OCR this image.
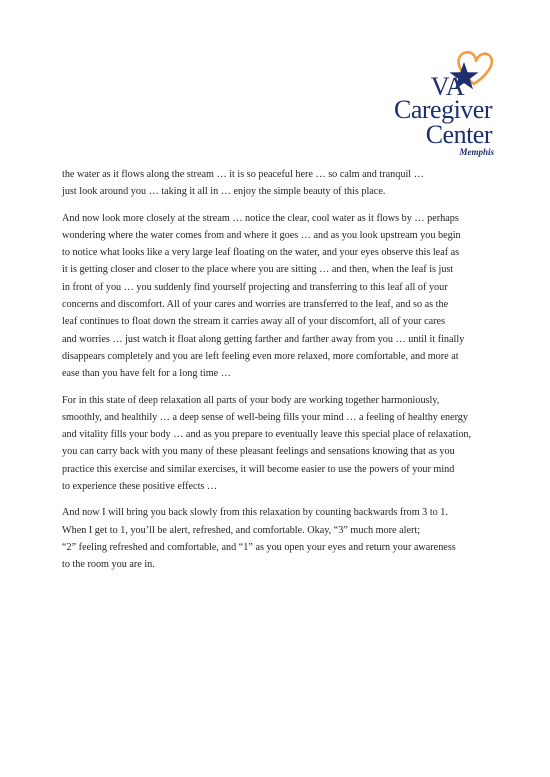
VA
Caregiver
Center
Memphis

the water as it flows along the stream … it is so peaceful here … so calm and tranquil …
just look around you … taking it all in … enjoy the simple beauty of this place.

And now look more closely at the stream … notice the clear, cool water as it flows by … perhaps
wondering where the water comes from and where it goes … and as you look upstream you begin
to notice what looks like a very large leaf floating on the water, and your eyes observe this leaf as
it is getting closer and closer to the place where you are sitting … and then, when the leaf is just
in front of you … you suddenly find yourself projecting and transferring to this leaf all of your
concerns and discomfort. All of your cares and worries are transferred to the leaf, and so as the
leaf continues to float down the stream it carries away all of your discomfort, all of your cares
and worries … just watch it float along getting farther and farther away from you … until it finally
disappears completely and you are left feeling even more relaxed, more comfortable, and more at
ease than you have felt for a long time …

For in this state of deep relaxation all parts of your body are working together harmoniously,
smoothly, and healthily … a deep sense of well-being fills your mind … a feeling of healthy energy
and vitality fills your body … and as you prepare to eventually leave this special place of relaxation,
you can carry back with you many of these pleasant feelings and sensations knowing that as you
practice this exercise and similar exercises, it will become easier to use the powers of your mind
to experience these positive effects …

And now I will bring you back slowly from this relaxation by counting backwards from 3 to 1.
When I get to 1, you’ll be alert, refreshed, and comfortable. Okay, “3” much more alert;
“2” feeling refreshed and comfortable, and “1” as you open your eyes and return your awareness
to the room you are in.
